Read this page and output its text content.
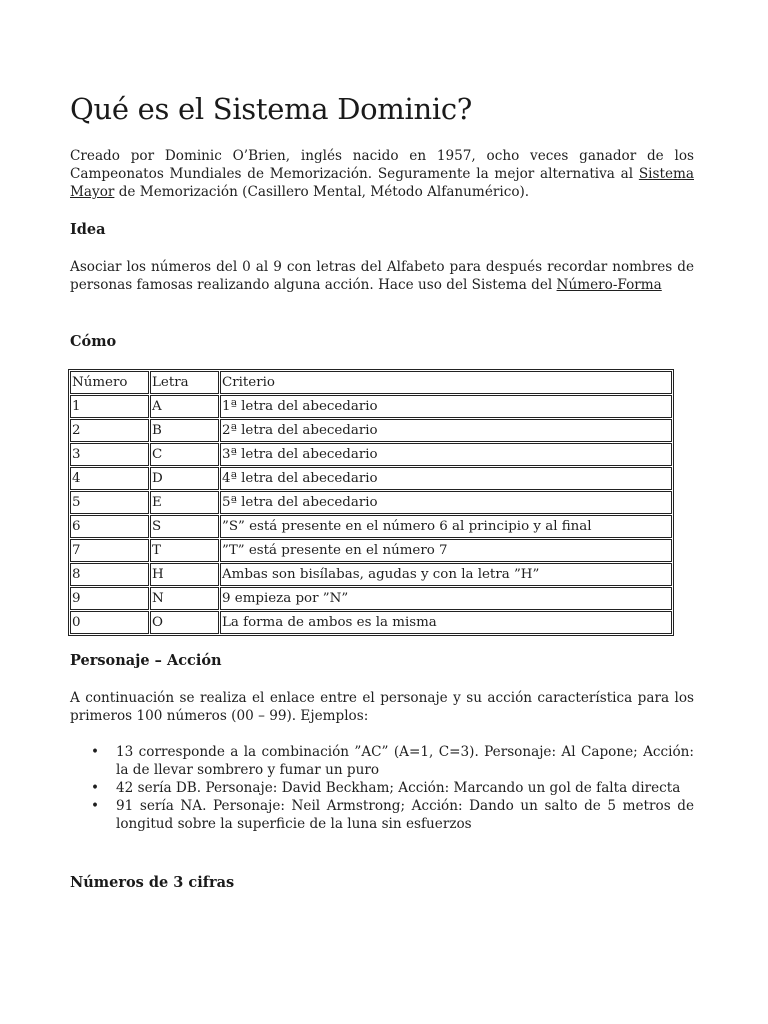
Qué es el Sistema Dominic?

Creado por Dominic O’Brien, inglés nacido en 1957, ocho veces ganador de los Campeonatos Mundiales de Memorización. Seguramente la mejor alternativa al Sistema Mayor de Memorización (Casillero Mental, Método Alfanumérico).

Idea

Asociar los números del 0 al 9 con letras del Alfabeto para después recordar nombres de personas famosas realizando alguna acción. Hace uso del Sistema del Número-Forma

Cómo
Número	Letra	Criterio
1	A	1ª letra del abecedario
2	B	2ª letra del abecedario
3	C	3ª letra del abecedario
4	D	4ª letra del abecedario
5	E	5ª letra del abecedario
6	S	”S” está presente en el número 6 al principio y al final
7	T	”T” está presente en el número 7
8	H	Ambas son bisílabas, agudas y con la letra ”H”
9	N	9 empieza por ”N”
0	O	La forma de ambos es la misma
Personaje – Acción

A continuación se realiza el enlace entre el personaje y su acción característica para los primeros 100 números (00 – 99). Ejemplos:

• 13 corresponde a la combinación ”AC” (A=1, C=3). Personaje: Al Capone; Acción: la de llevar sombrero y fumar un puro
• 42 sería DB. Personaje: David Beckham; Acción: Marcando un gol de falta directa
• 91 sería NA. Personaje: Neil Armstrong; Acción: Dando un salto de 5 metros de longitud sobre la superficie de la luna sin esfuerzos
Números de 3 cifras
